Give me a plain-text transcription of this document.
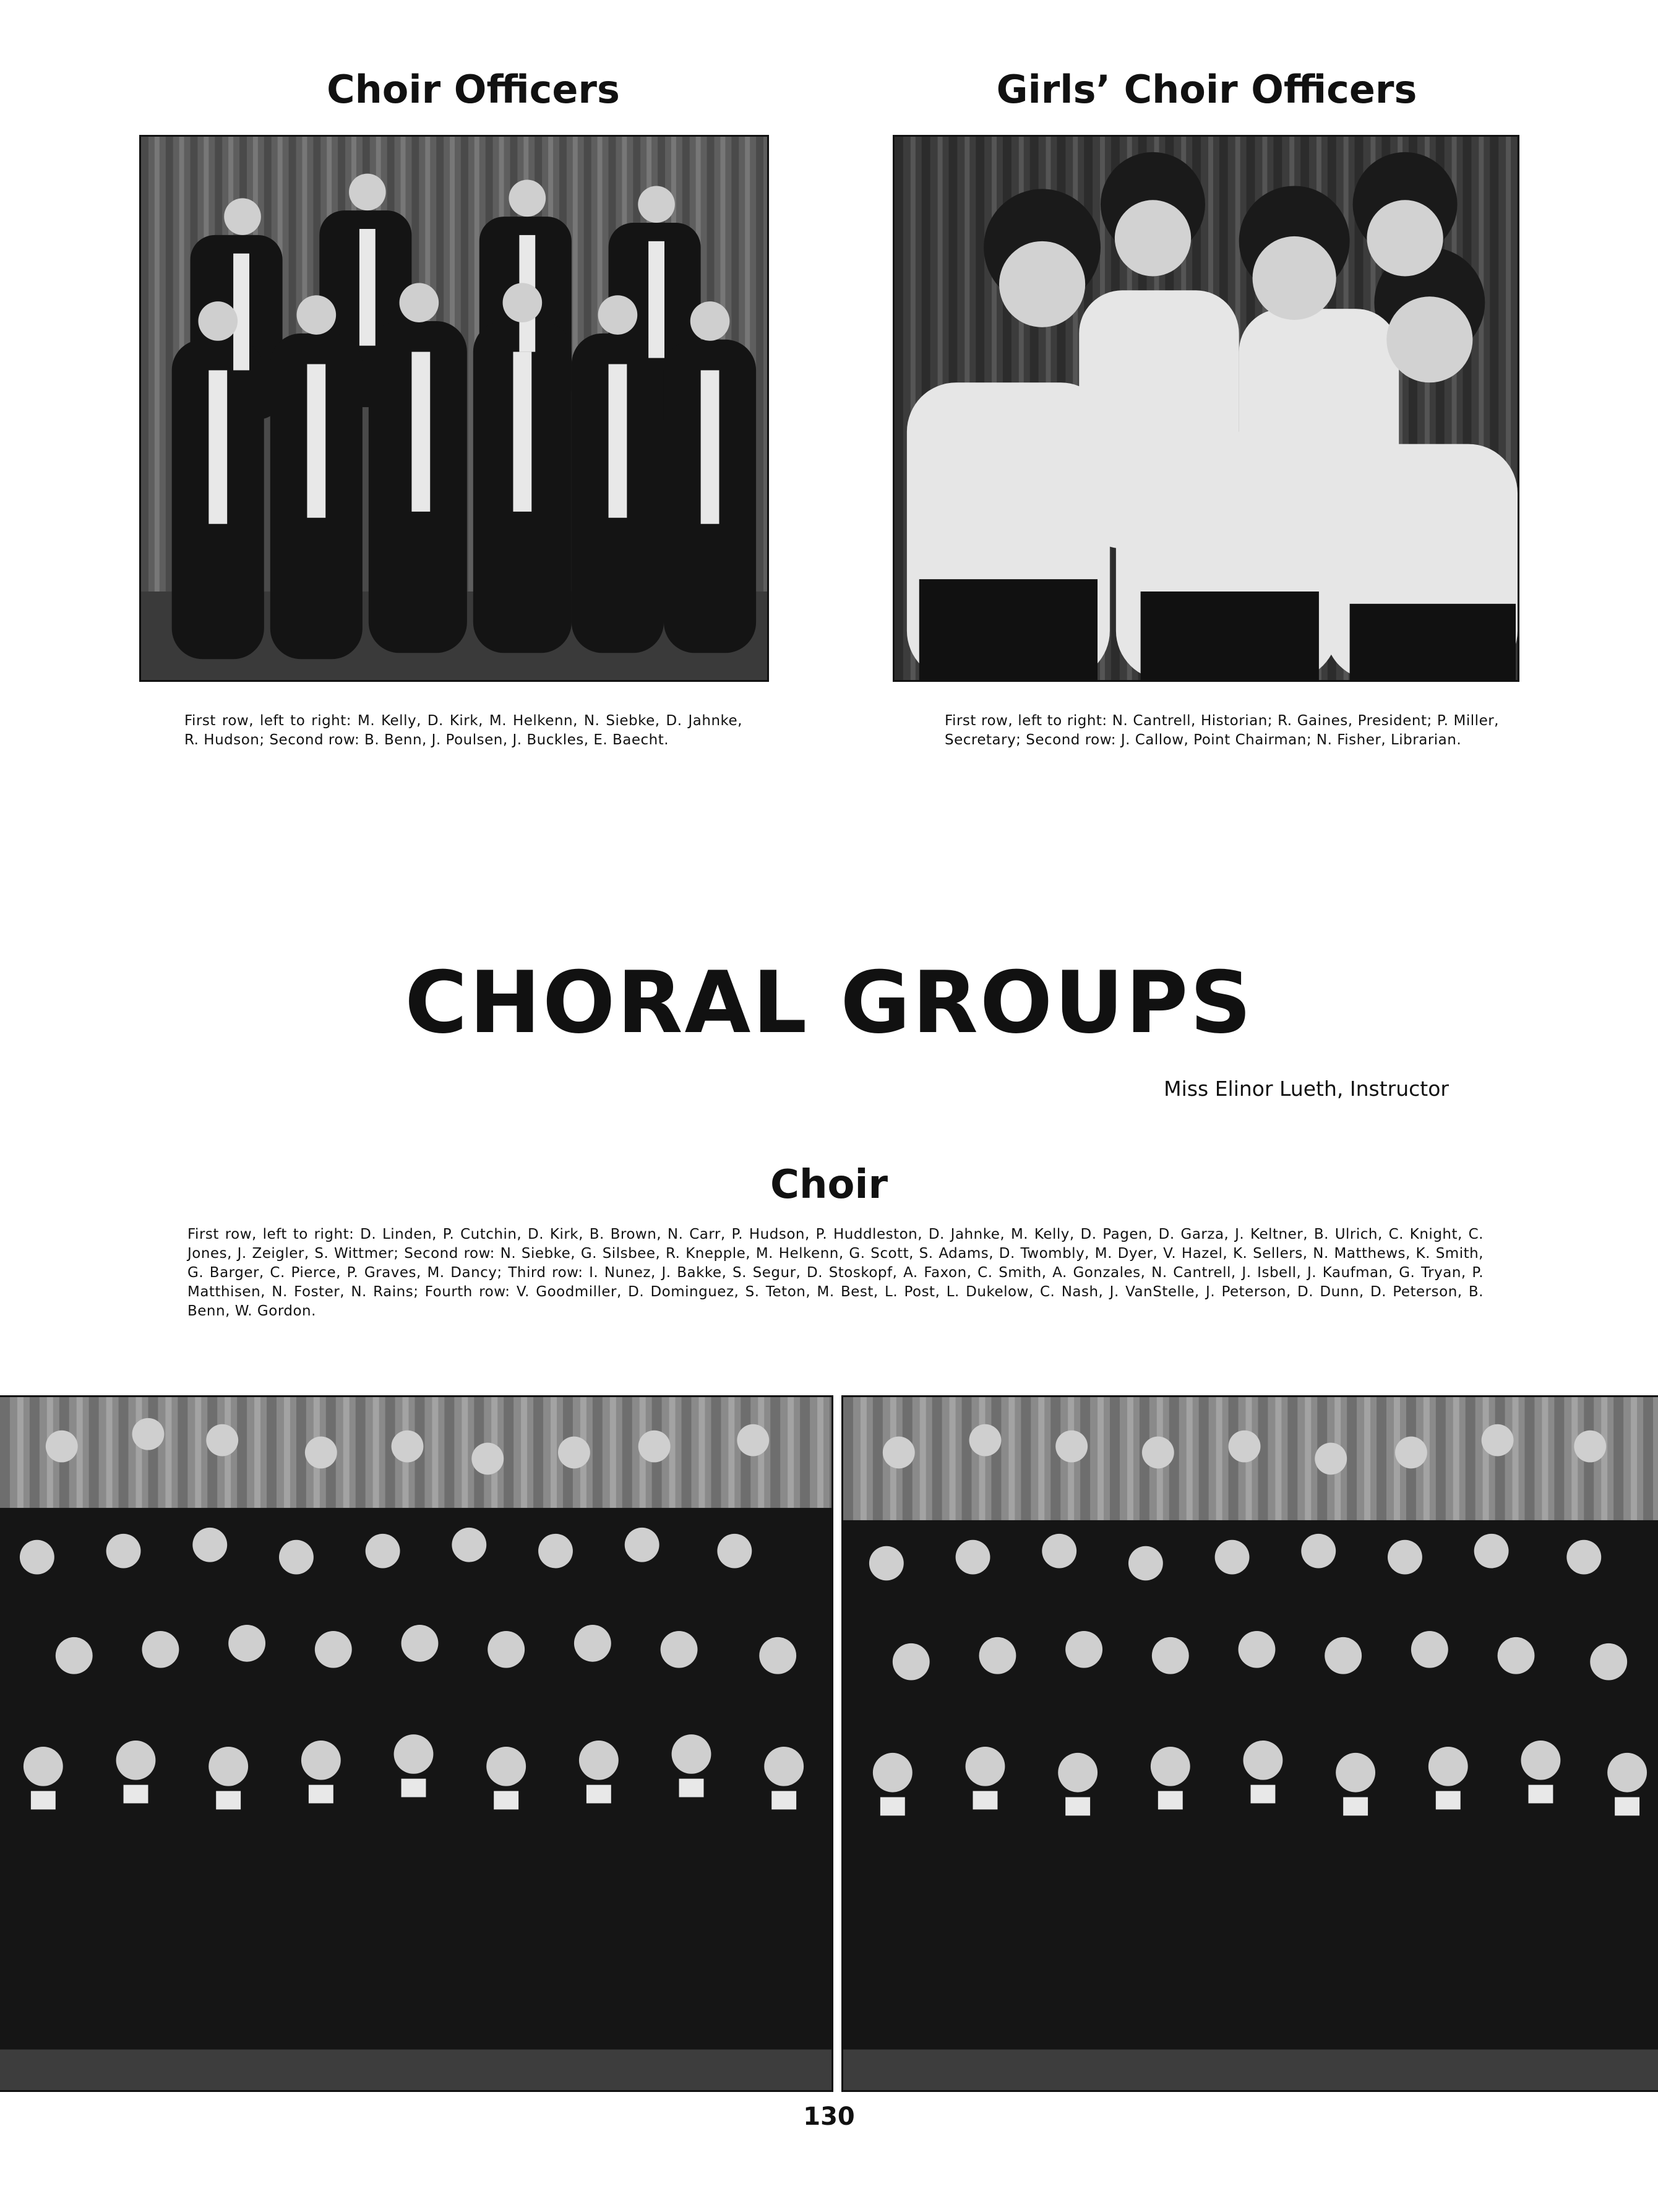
Choir Officers	Girls’ Choir Officers

First row, left to right: M. Kelly, D. Kirk, M. Helkenn, N. Siebke, D. Jahnke, R. Hudson; Second row: B. Benn, J. Poulsen, J. Buckles, E. Baecht.

First row, left to right: N. Cantrell, Historian; R. Gaines, President; P. Miller, Secretary; Second row: J. Callow, Point Chairman; N. Fisher, Librarian.

CHORAL GROUPS

Miss Elinor Lueth, Instructor

Choir

First row, left to right: D. Linden, P. Cutchin, D. Kirk, B. Brown, N. Carr, P. Hudson, P. Huddleston, D. Jahnke, M. Kelly, D. Pagen, D. Garza, J. Keltner, B. Ulrich, C. Knight, C. Jones, J. Zeigler, S. Wittmer; Second row: N. Siebke, G. Silsbee, R. Knepple, M. Helkenn, G. Scott, S. Adams, D. Twombly, M. Dyer, V. Hazel, K. Sellers, N. Matthews, K. Smith, G. Barger, C. Pierce, P. Graves, M. Dancy; Third row: I. Nunez, J. Bakke, S. Segur, D. Stoskopf, A. Faxon, C. Smith, A. Gonzales, N. Cantrell, J. Isbell, J. Kaufman, G. Tryan, P. Matthisen, N. Foster, N. Rains; Fourth row: V. Goodmiller, D. Dominguez, S. Teton, M. Best, L. Post, L. Dukelow, C. Nash, J. VanStelle, J. Peterson, D. Dunn, D. Peterson, B. Benn, W. Gordon.

130
